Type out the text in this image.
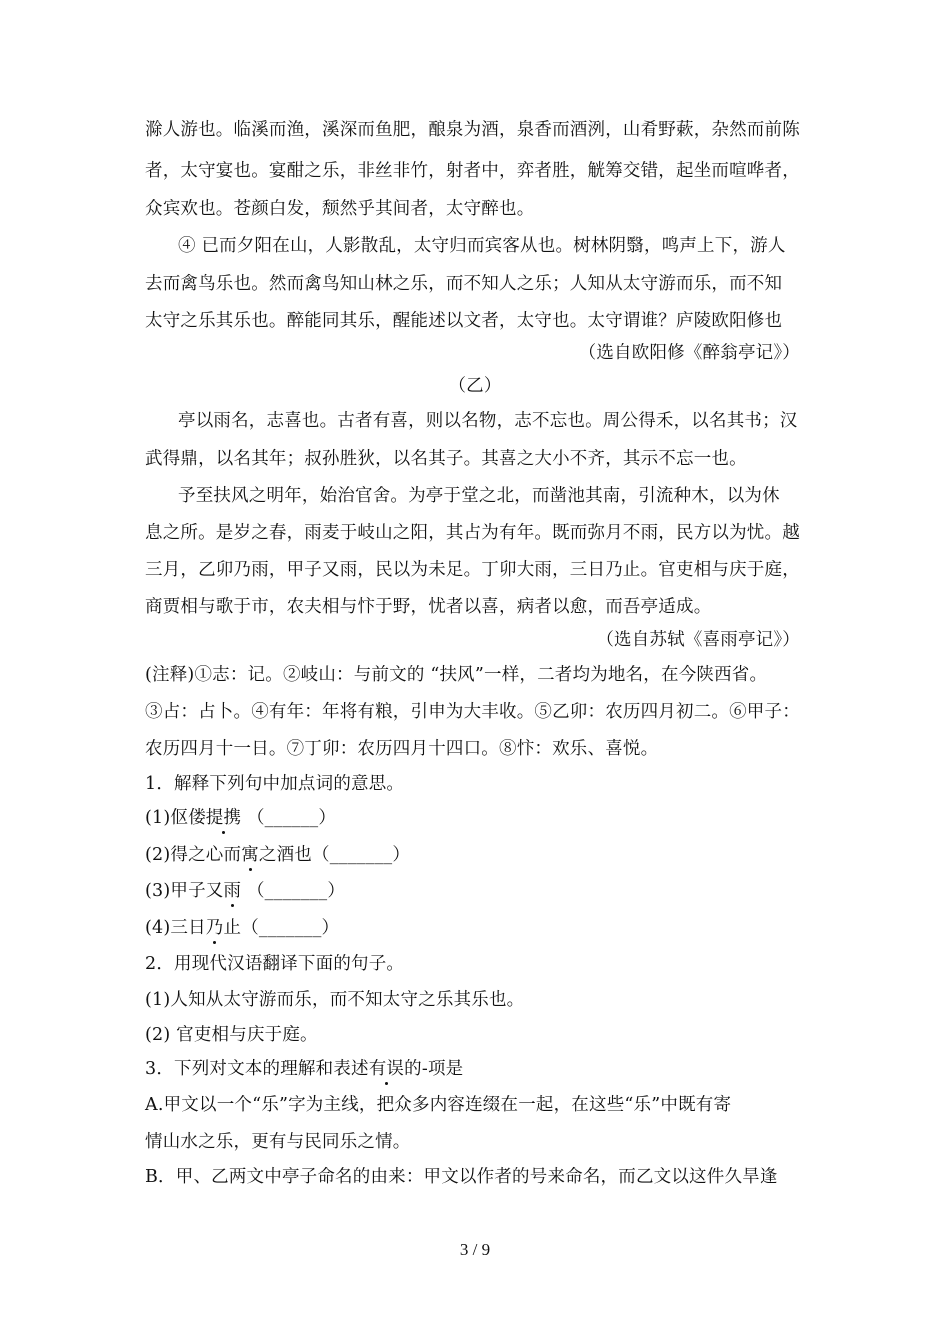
滁人游也。临溪而渔，溪深而鱼肥，酿泉为酒，泉香而酒洌，山肴野蔌，杂然而前陈
者，太守宴也。宴酣之乐，非丝非竹，射者中，弈者胜，觥筹交错，起坐而喧哗者，
众宾欢也。苍颜白发，颓然乎其间者，太守醉也。
④ 已而夕阳在山，人影散乱，太守归而宾客从也。树林阴翳，鸣声上下，游人
去而禽鸟乐也。然而禽鸟知山林之乐，而不知人之乐；人知从太守游而乐，而不知
太守之乐其乐也。醉能同其乐，醒能述以文者，太守也。太守谓谁？庐陵欧阳修也
（选自欧阳修《醉翁亭记》）
（乙）
亭以雨名，志喜也。古者有喜，则以名物，志不忘也。周公得禾，以名其书；汉
武得鼎，以名其年；叔孙胜狄，以名其子。其喜之大小不齐，其示不忘一也。
予至扶风之明年，始治官舍。为亭于堂之北，而凿池其南，引流种木，以为休
息之所。是岁之春，雨麦于岐山之阳，其占为有年。既而弥月不雨，民方以为忧。越
三月，乙卯乃雨，甲子又雨，民以为未足。丁卯大雨，三日乃止。官吏相与庆于庭，
商贾相与歌于市，农夫相与忭于野，忧者以喜，病者以愈，而吾亭适成。
（选自苏轼《喜雨亭记》）
(注释)①志：记。②岐山：与前文的 “扶风”一样，二者均为地名，在今陕西省。
③占：占卜。④有年：年将有粮，引申为大丰收。⑤乙卯：农历四月初二。⑥甲子：
农历四月十一日。⑦丁卯：农历四月十四口。⑧忭：欢乐、喜悦。
1．解释下列句中加点词的意思。
(1)伛偻提携 （______）
(2)得之心而寓之酒也（_______）
(3)甲子又雨 （_______）
(4)三日乃止（_______）
2．用现代汉语翻译下面的句子。
(1)人知从太守游而乐，而不知太守之乐其乐也。
(2) 官吏相与庆于庭。
3．下列对文本的理解和表述有误的-项是
A.甲文以一个“乐”字为主线，把众多内容连缀在一起，在这些“乐”中既有寄
情山水之乐，更有与民同乐之情。
B．甲、乙两文中亭子命名的由来：甲文以作者的号来命名，而乙文以这件久旱逢
3 / 9
